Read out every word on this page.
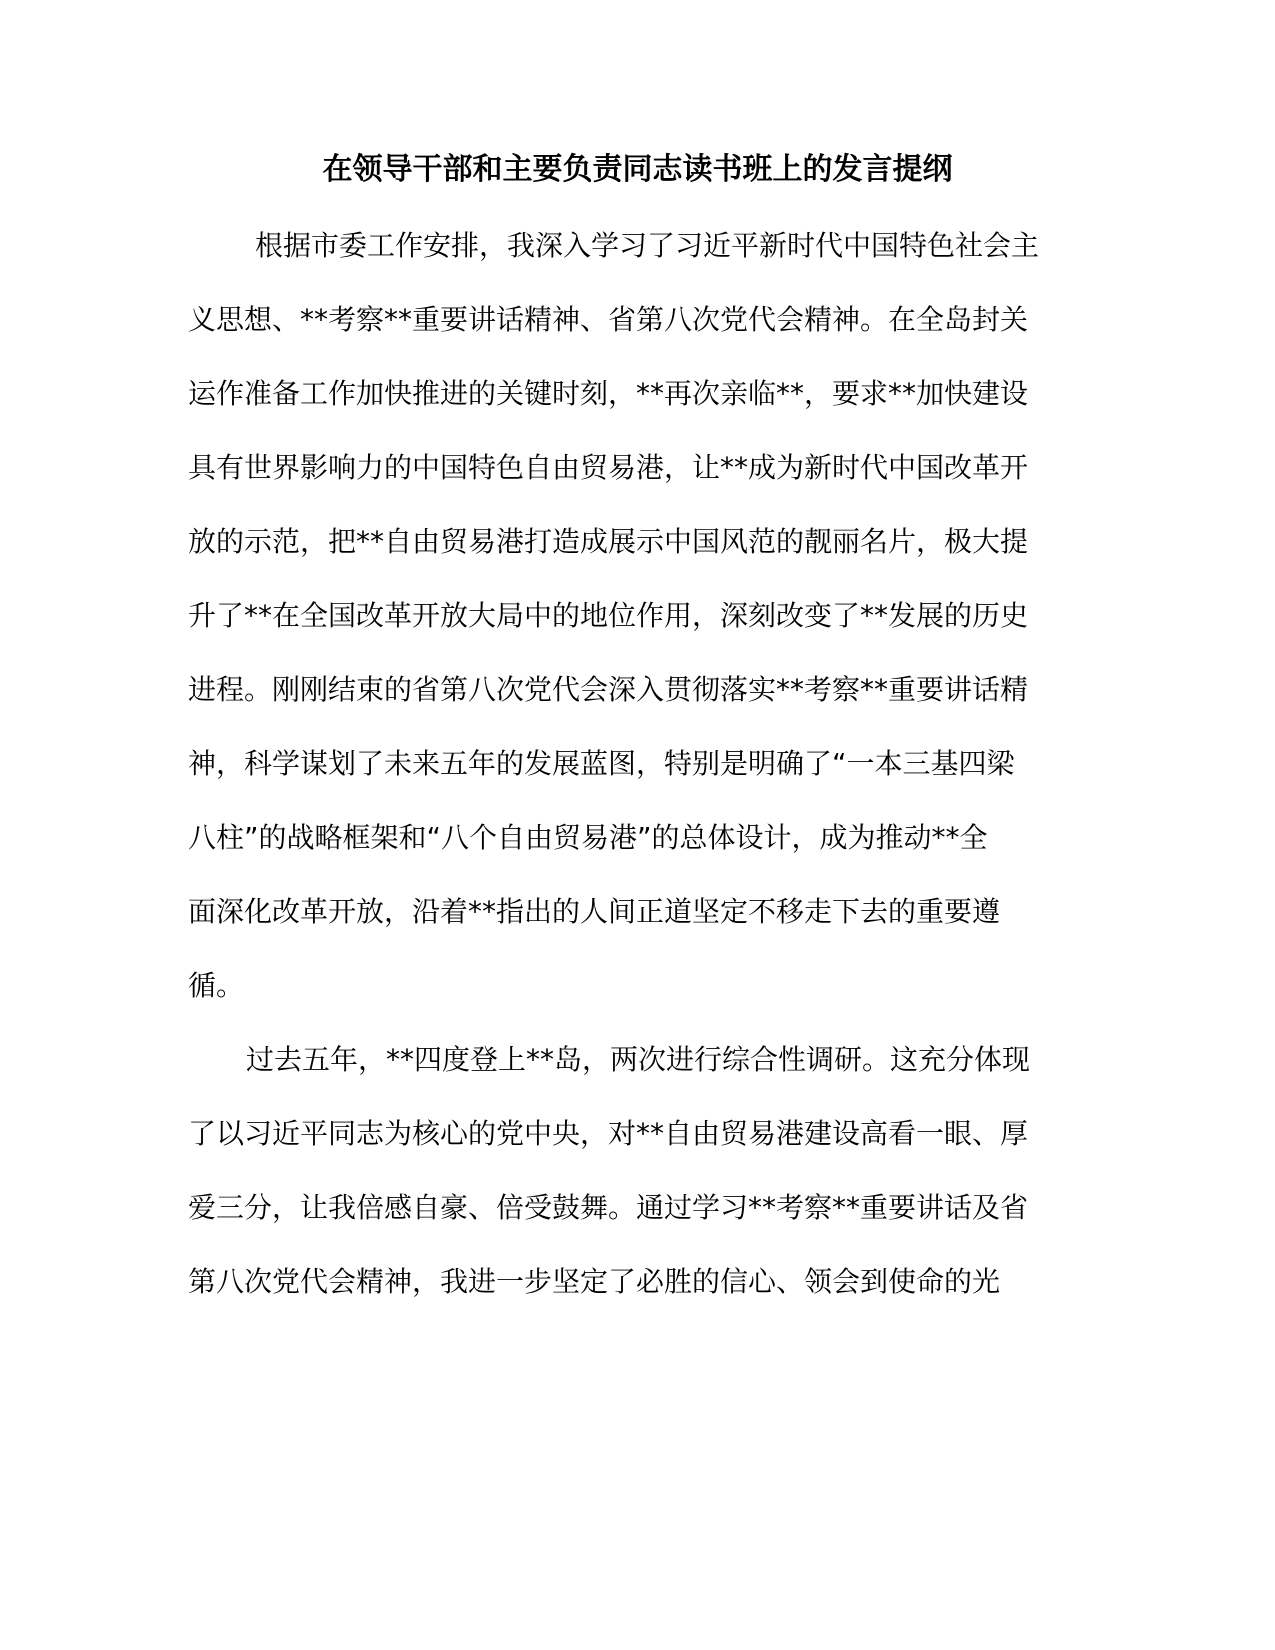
在领导干部和主要负责同志读书班上的发言提纲

根据市委工作安排，我深入学习了习近平新时代中国特色社会主

义思想、**考察**重要讲话精神、省第八次党代会精神。在全岛封关

运作准备工作加快推进的关键时刻，**再次亲临**，要求**加快建设

具有世界影响力的中国特色自由贸易港，让**成为新时代中国改革开

放的示范，把**自由贸易港打造成展示中国风范的靓丽名片，极大提

升了**在全国改革开放大局中的地位作用，深刻改变了**发展的历史

进程。刚刚结束的省第八次党代会深入贯彻落实**考察**重要讲话精

神，科学谋划了未来五年的发展蓝图，特别是明确了“一本三基四梁

八柱”的战略框架和“八个自由贸易港”的总体设计，成为推动**全

面深化改革开放，沿着**指出的人间正道坚定不移走下去的重要遵

循。

过去五年，**四度登上**岛，两次进行综合性调研。这充分体现

了以习近平同志为核心的党中央，对**自由贸易港建设高看一眼、厚

爱三分，让我倍感自豪、倍受鼓舞。通过学习**考察**重要讲话及省

第八次党代会精神，我进一步坚定了必胜的信心、领会到使命的光
